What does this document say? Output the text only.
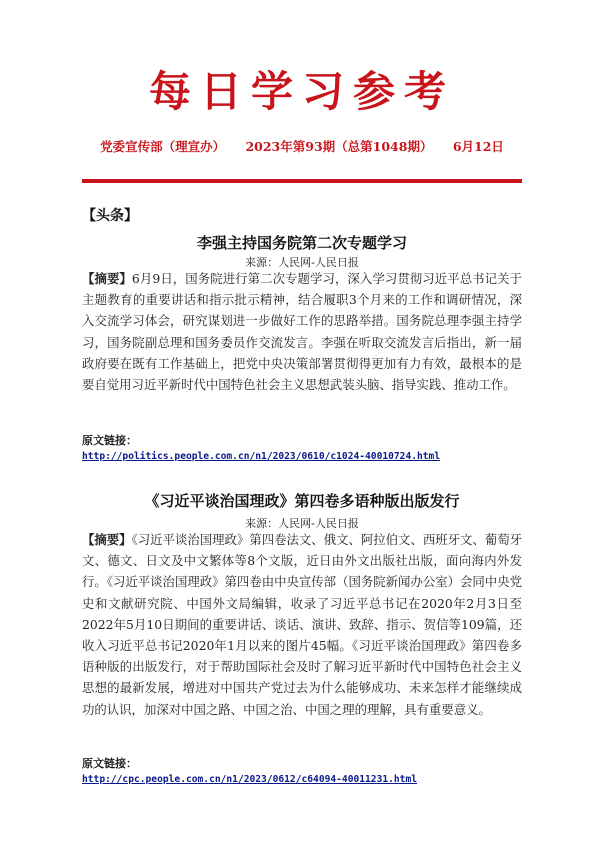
每日学习参考
党委宣传部（理宣办） 2023年第93期（总第1048期） 6月12日
【头条】
李强主持国务院第二次专题学习
来源：人民网-人民日报
【摘要】6月9日，国务院进行第二次专题学习，深入学习贯彻习近平总书记关于主题教育的重要讲话和指示批示精神，结合履职3个月来的工作和调研情况，深入交流学习体会，研究谋划进一步做好工作的思路举措。国务院总理李强主持学习，国务院副总理和国务委员作交流发言。李强在听取交流发言后指出，新一届政府要在既有工作基础上，把党中央决策部署贯彻得更加有力有效，最根本的是要自觉用习近平新时代中国特色社会主义思想武装头脑、指导实践、推动工作。
原文链接：
http://politics.people.com.cn/n1/2023/0610/c1024-40010724.html
《习近平谈治国理政》第四卷多语种版出版发行
来源：人民网-人民日报
【摘要】《习近平谈治国理政》第四卷法文、俄文、阿拉伯文、西班牙文、葡萄牙文、德文、日文及中文繁体等8个文版，近日由外文出版社出版，面向海内外发行。《习近平谈治国理政》第四卷由中央宣传部（国务院新闻办公室）会同中央党史和文献研究院、中国外文局编辑，收录了习近平总书记在2020年2月3日至2022年5月10日期间的重要讲话、谈话、演讲、致辞、指示、贺信等109篇，还收入习近平总书记2020年1月以来的图片45幅。《习近平谈治国理政》第四卷多语种版的出版发行，对于帮助国际社会及时了解习近平新时代中国特色社会主义思想的最新发展，增进对中国共产党过去为什么能够成功、未来怎样才能继续成功的认识，加深对中国之路、中国之治、中国之理的理解，具有重要意义。
原文链接：
http://cpc.people.com.cn/n1/2023/0612/c64094-40011231.html
